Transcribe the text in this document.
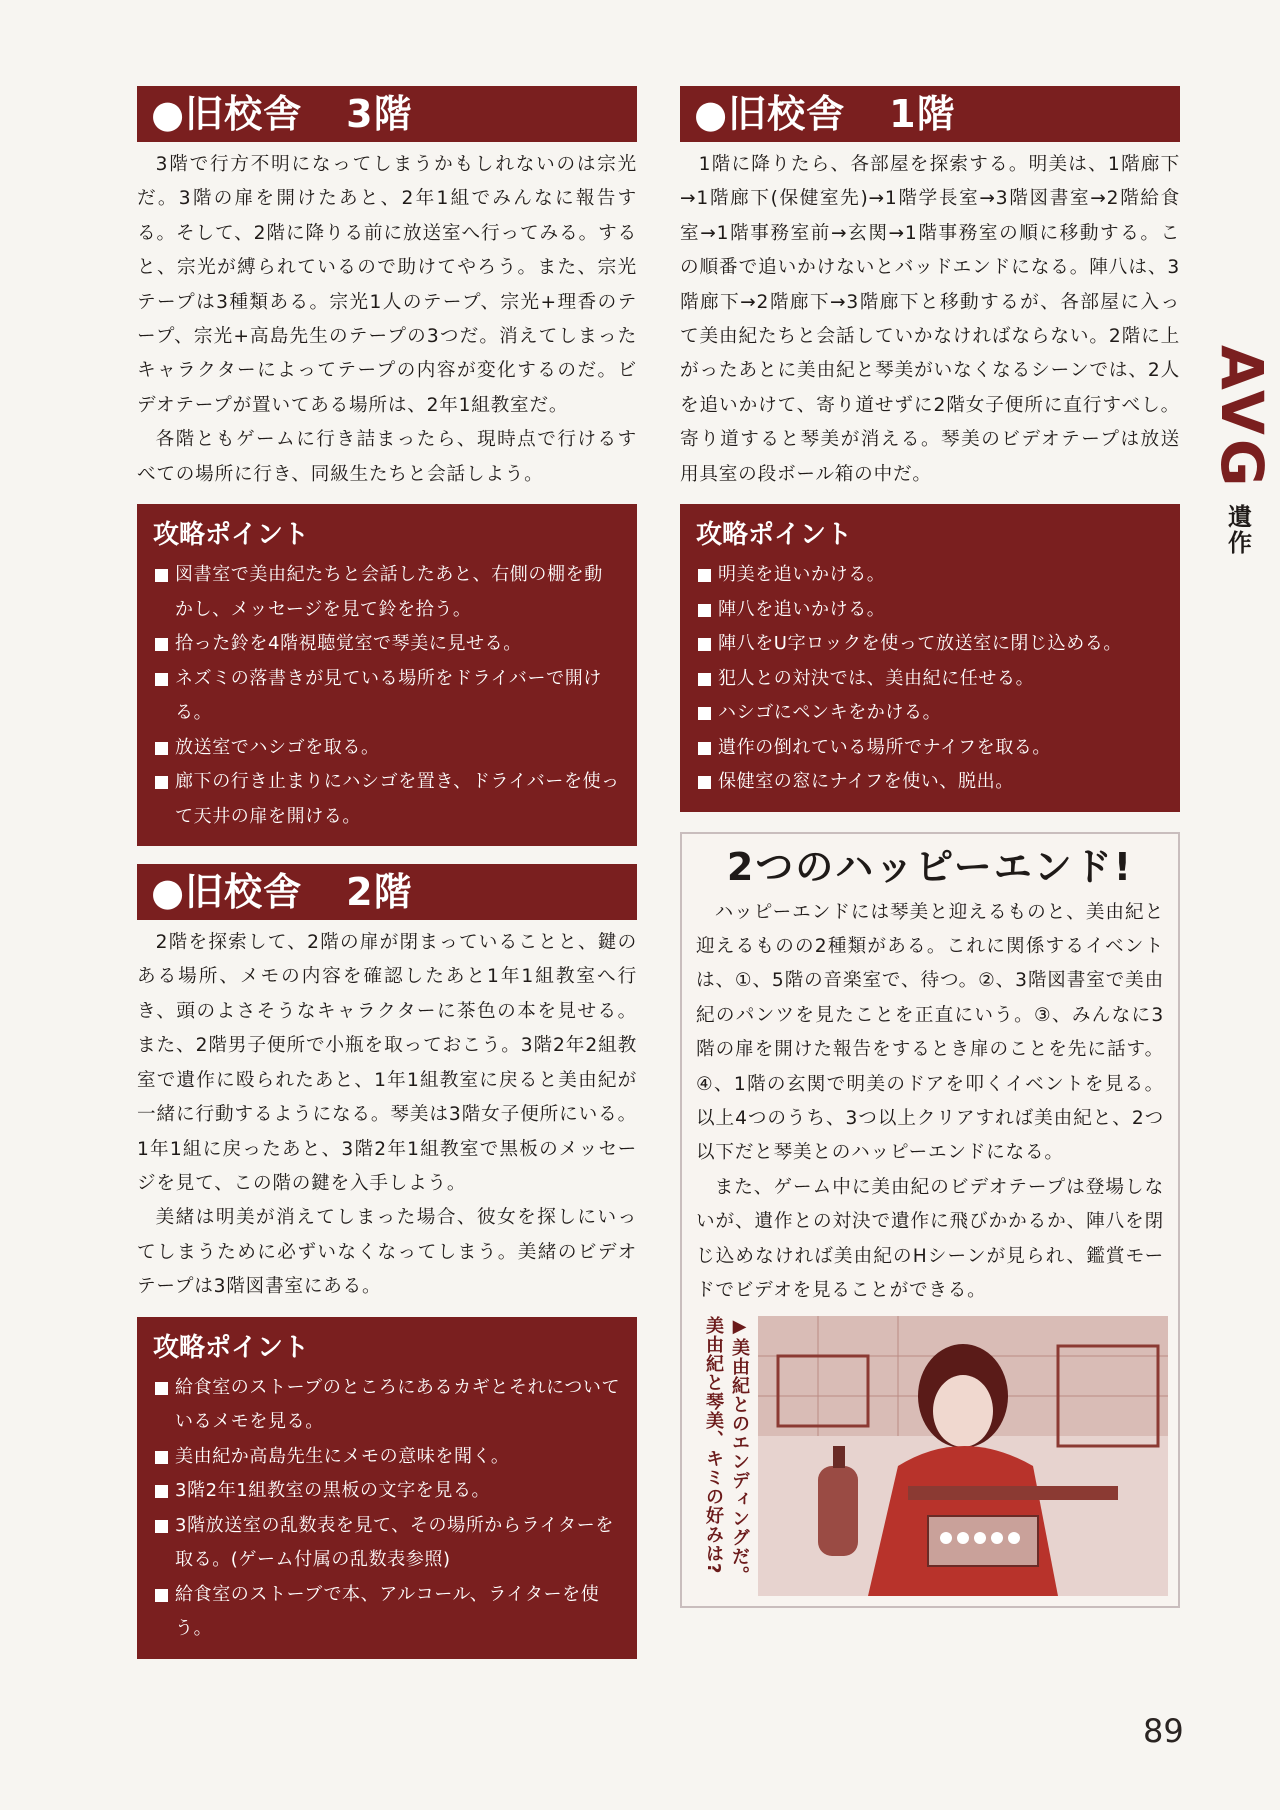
●旧校舎 3階

3階で行方不明になってしまうかもしれないのは宗光だ。3階の扉を開けたあと、2年1組でみんなに報告する。そして、2階に降りる前に放送室へ行ってみる。すると、宗光が縛られているので助けてやろう。また、宗光テープは3種類ある。宗光1人のテープ、宗光+理香のテープ、宗光+高島先生のテープの3つだ。消えてしまったキャラクターによってテープの内容が変化するのだ。ビデオテープが置いてある場所は、2年1組教室だ。

各階ともゲームに行き詰まったら、現時点で行けるすべての場所に行き、同級生たちと会話しよう。

攻略ポイント
図書室で美由紀たちと会話したあと、右側の棚を動かし、メッセージを見て鈴を拾う。
拾った鈴を4階視聴覚室で琴美に見せる。
ネズミの落書きが見ている場所をドライバーで開ける。
放送室でハシゴを取る。
廊下の行き止まりにハシゴを置き、ドライバーを使って天井の扉を開ける。
●旧校舎 2階

2階を探索して、2階の扉が閉まっていることと、鍵のある場所、メモの内容を確認したあと1年1組教室へ行き、頭のよさそうなキャラクターに茶色の本を見せる。また、2階男子便所で小瓶を取っておこう。3階2年2組教室で遺作に殴られたあと、1年1組教室に戻ると美由紀が一緒に行動するようになる。琴美は3階女子便所にいる。1年1組に戻ったあと、3階2年1組教室で黒板のメッセージを見て、この階の鍵を入手しよう。

美緒は明美が消えてしまった場合、彼女を探しにいってしまうために必ずいなくなってしまう。美緒のビデオテープは3階図書室にある。

攻略ポイント
給食室のストーブのところにあるカギとそれについているメモを見る。
美由紀か高島先生にメモの意味を聞く。
3階2年1組教室の黒板の文字を見る。
3階放送室の乱数表を見て、その場所からライターを取る。(ゲーム付属の乱数表参照)
給食室のストーブで本、アルコール、ライターを使う。
●旧校舎 1階

1階に降りたら、各部屋を探索する。明美は、1階廊下→1階廊下(保健室先)→1階学長室→3階図書室→2階給食室→1階事務室前→玄関→1階事務室の順に移動する。この順番で追いかけないとバッドエンドになる。陣八は、3階廊下→2階廊下→3階廊下と移動するが、各部屋に入って美由紀たちと会話していかなければならない。2階に上がったあとに美由紀と琴美がいなくなるシーンでは、2人を追いかけて、寄り道せずに2階女子便所に直行すべし。寄り道すると琴美が消える。琴美のビデオテープは放送用具室の段ボール箱の中だ。

攻略ポイント
明美を追いかける。
陣八を追いかける。
陣八をU字ロックを使って放送室に閉じ込める。
犯人との対決では、美由紀に任せる。
ハシゴにペンキをかける。
遺作の倒れている場所でナイフを取る。
保健室の窓にナイフを使い、脱出。
2つのハッピーエンド!

ハッピーエンドには琴美と迎えるものと、美由紀と迎えるものの2種類がある。これに関係するイベントは、①、5階の音楽室で、待つ。②、3階図書室で美由紀のパンツを見たことを正直にいう。③、みんなに3階の扉を開けた報告をするとき扉のことを先に話す。④、1階の玄関で明美のドアを叩くイベントを見る。以上4つのうち、3つ以上クリアすれば美由紀と、2つ以下だと琴美とのハッピーエンドになる。

また、ゲーム中に美由紀のビデオテープは登場しないが、遺作との対決で遺作に飛びかかるか、陣八を閉じ込めなければ美由紀のHシーンが見られ、鑑賞モードでビデオを見ることができる。

▶美由紀とのエンディングだ。美由紀と琴美、キミの好みは?
AVG
遺作
89
